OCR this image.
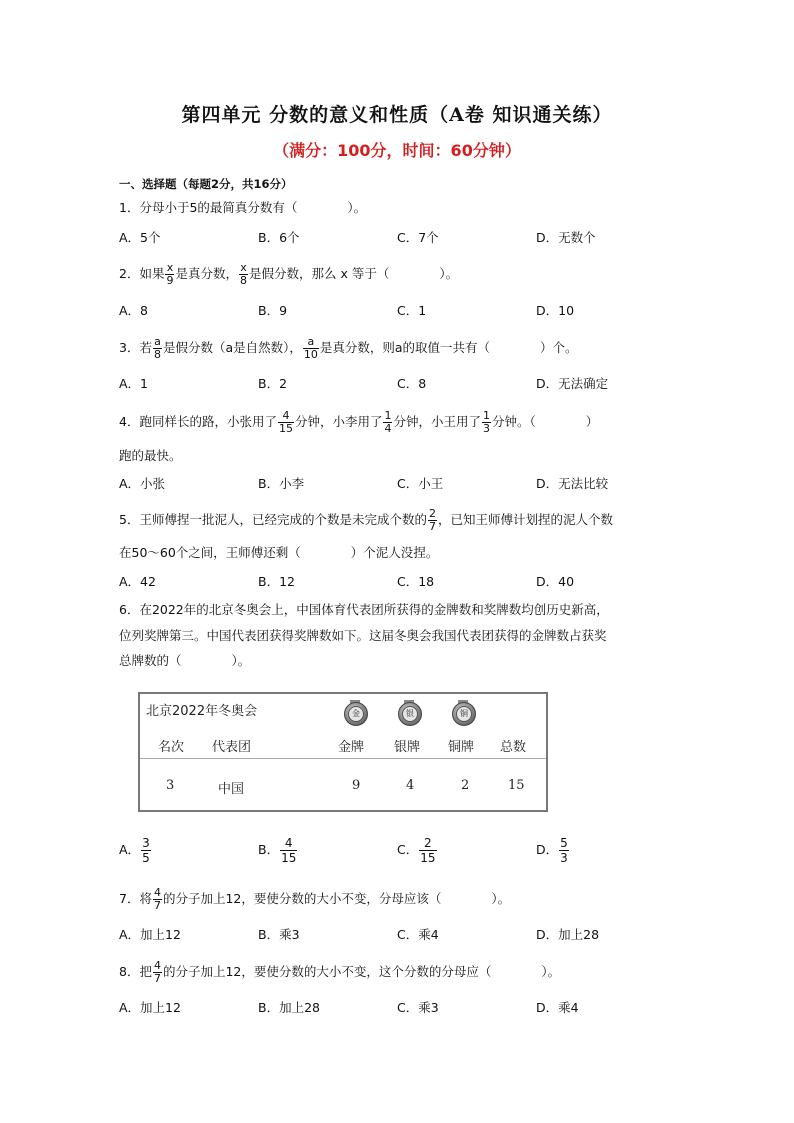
第四单元 分数的意义和性质（A卷 知识通关练）
（满分：100分，时间：60分钟）
一、选择题（每题2分，共16分）
1．分母小于5的最简真分数有（　　　　）。
A．5个	B．6个	C．7个	D．无数个
2．如果 $\frac{x}{9}$ 是真分数， $\frac{x}{8}$ 是假分数，那么 x 等于（　　　　）。
A．8	B．9	C．1	D．10
3．若 $\frac{a}{8}$ 是假分数（a是自然数）， $\frac{a}{10}$ 是真分数，则a的取值一共有（　　　　）个。
A．1	B．2	C．8	D．无法确定
4．跑同样长的路，小张用了 $\frac{4}{15}$ 分钟，小李用了 $\frac{1}{4}$ 分钟，小王用了 $\frac{1}{3}$ 分钟。（　　　　）
跑的最快。
A．小张	B．小李	C．小王	D．无法比较
5．王师傅捏一批泥人，已经完成的个数是未完成个数的 $\frac{2}{7}$ ，已知王师傅计划捏的泥人个数
在50～60个之间，王师傅还剩（　　　　）个泥人没捏。
A．42	B．12	C．18	D．40
6．在2022年的北京冬奥会上，中国体育代表团所获得的金牌数和奖牌数均创历史新高，
位列奖牌第三。中国代表团获得奖牌数如下。这届冬奥会我国代表团获得的金牌数占获奖
总牌数的（　　　　）。
北京2022年冬奥会	金	银	铜
名次 代表团	金牌 银牌 铜牌 总数
3	中国	9	4	2	15
A． $\frac{3}{5}$	B． $\frac{4}{15}$	C． $\frac{2}{15}$	D． $\frac{5}{3}$
7．将 $\frac{4}{7}$ 的分子加上12，要使分数的大小不变，分母应该（　　　　）。
A．加上12	B．乘3	C．乘4	D．加上28
8．把 $\frac{4}{7}$ 的分子加上12，要使分数的大小不变，这个分数的分母应（　　　　）。
A．加上12	B．加上28	C．乘3	D．乘4
